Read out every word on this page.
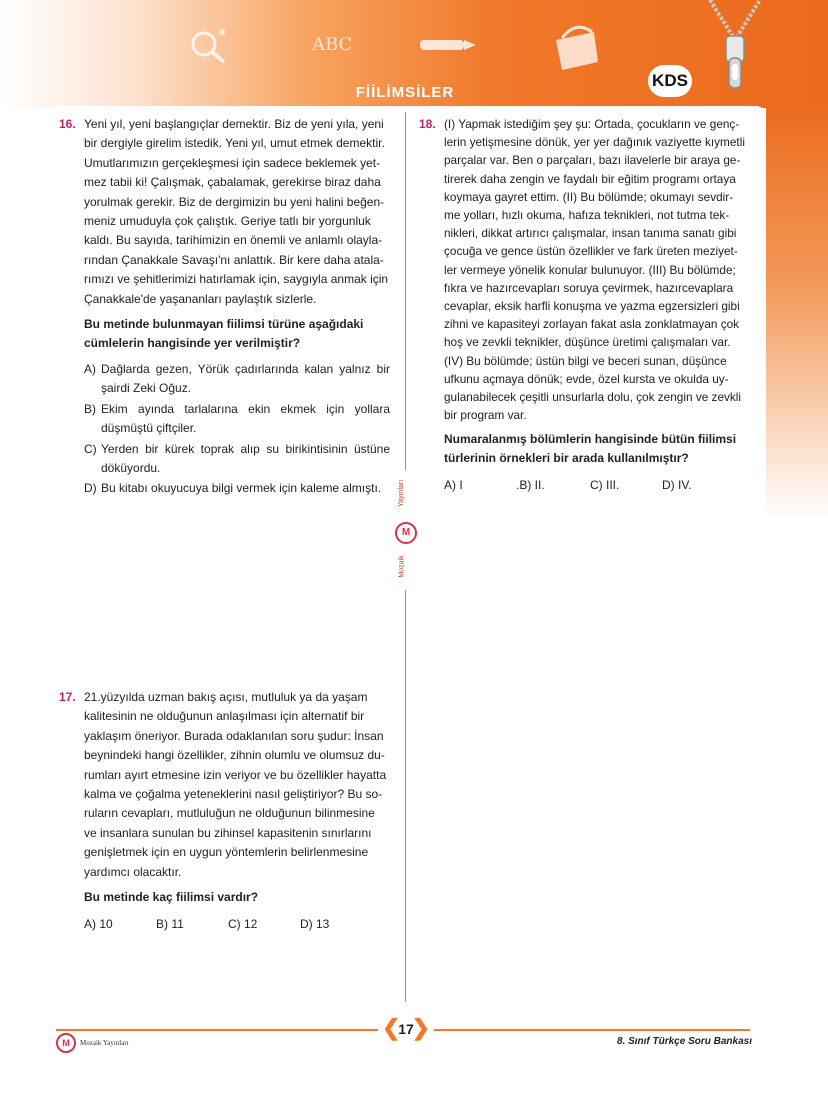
ABC
FİİLİMSİLER
KDS
Yayınları
M
Mozaik
16. Yeni yıl, yeni başlangıçlar demektir. Biz de yeni yıla, yeni

bir dergiyle girelim istedik. Yeni yıl, umut etmek demektir.

Umutlarımızın gerçekleşmesi için sadece beklemek yet-

mez tabii ki! Çalışmak, çabalamak, gerekirse biraz daha

yorulmak gerekir. Biz de dergimizin bu yeni halini beğen-

meniz umuduyla çok çalıştık. Geriye tatlı bir yorgunluk

kaldı. Bu sayıda, tarihimizin en önemli ve anlamlı olayla-

rından Çanakkale Savaşı'nı anlattık. Bir kere daha atala-

rımızı ve şehitlerimizi hatırlamak için, saygıyla anmak için

Çanakkale'de yaşananları paylaştık sizlerle.

Bu metinde bulunmayan fiilimsi türüne aşağıdaki
cümlelerin hangisinde yer verilmiştir?

A) Dağlarda gezen, Yörük çadırlarında kalan yalnız bir şairdi Zeki Oğuz.
B) Ekim ayında tarlalarına ekin ekmek için yollara düşmüştü çiftçiler.
C) Yerden bir kürek toprak alıp su birikintisinin üstüne döküyordu.
D) Bu kitabı okuyucuya bilgi vermek için kaleme almıştı.
17. 21.yüzyılda uzman bakış açısı, mutluluk ya da yaşam

kalitesinin ne olduğunun anlaşılması için alternatif bir

yaklaşım öneriyor. Burada odaklanılan soru şudur: İnsan

beynindeki hangi özellikler, zihnin olumlu ve olumsuz du-

rumları ayırt etmesine izin veriyor ve bu özellikler hayatta

kalma ve çoğalma yeteneklerini nasıl geliştiriyor? Bu so-

ruların cevapları, mutluluğun ne olduğunun bilinmesine

ve insanlara sunulan bu zihinsel kapasitenin sınırlarını

genişletmek için en uygun yöntemlerin belirlenmesine

yardımcı olacaktır.

Bu metinde kaç fiilimsi vardır?

A) 10	B) 11	C) 12	D) 13
18. (I) Yapmak istediğim şey şu: Ortada, çocukların ve genç-

lerin yetişmesine dönük, yer yer dağınık vaziyette kıymetli

parçalar var. Ben o parçaları, bazı ilavelerle bir araya ge-

tirerek daha zengin ve faydalı bir eğitim programı ortaya

koymaya gayret ettim. (II) Bu bölümde; okumayı sevdir-

me yolları, hızlı okuma, hafıza teknikleri, not tutma tek-

nikleri, dikkat artırıcı çalışmalar, insan tanıma sanatı gibi

çocuğa ve gence üstün özellikler ve fark üreten meziyet-

ler vermeye yönelik konular bulunuyor. (III) Bu bölümde;

fıkra ve hazırcevapları soruya çevirmek, hazırcevaplara

cevaplar, eksik harfli konuşma ve yazma egzersizleri gibi

zihni ve kapasiteyi zorlayan fakat asla zonklatmayan çok

hoş ve zevkli teknikler, düşünce üretimi çalışmaları var.

(IV) Bu bölümde; üstün bilgi ve beceri sunan, düşünce

ufkunu açmaya dönük; evde, özel kursta ve okulda uy-

gulanabilecek çeşitli unsurlarla dolu, çok zengin ve zevkli

bir program var.

Numaralanmış bölümlerin hangisinde bütün fiilimsi
türlerinin örnekleri bir arada kullanılmıştır?

A) I	.B) II.	C) III.	D) IV.
❮
17
❯
M	Mozaik Yayınları	8. Sınıf Türkçe Soru Bankası
